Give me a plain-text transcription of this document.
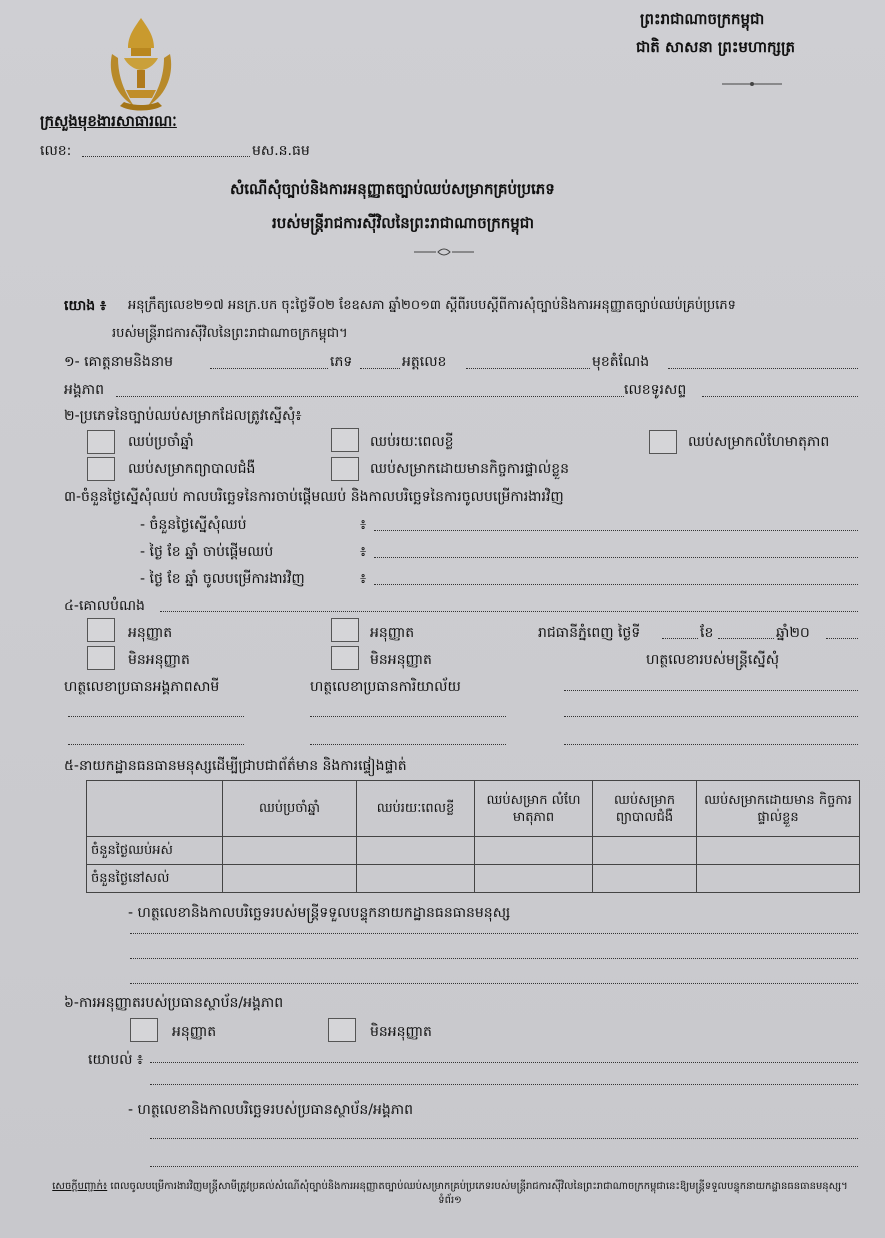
ព្រះរាជាណាចក្រកម្ពុជា
ជាតិ សាសនា ព្រះមហាក្សត្រ
ក្រសួងមុខងារសាធារណៈ
លេខ:	មស.ន.ធម
សំណើសុំច្បាប់និងការអនុញ្ញាតច្បាប់ឈប់សម្រាកគ្រប់ប្រភេទ
របស់មន្ត្រីរាជការស៊ីវិលនៃព្រះរាជាណាចក្រកម្ពុជា
យោង ៖ អនុក្រឹត្យលេខ២១៧ អនក្រ.បក ចុះថ្ងៃទី០២ ខែឧសភា ឆ្នាំ២០១៣ ស្តីពីរបបស្តីពីការសុំច្បាប់និងការអនុញ្ញាតច្បាប់ឈប់គ្រប់ប្រភេទ
របស់មន្ត្រីរាជការស៊ីវិលនៃព្រះរាជាណាចក្រកម្ពុជា។
១- គោត្តនាមនិងនាម	ភេទ	អត្តលេខ	មុខតំណែង
អង្គភាព	លេខទូរសព្ទ
២-ប្រភេទនៃច្បាប់ឈប់សម្រាកដែលត្រូវស្នើសុំ៖
ឈប់ប្រចាំឆ្នាំ	ឈប់រយៈពេលខ្លី	ឈប់សម្រាកលំហែមាតុភាព
ឈប់សម្រាកព្យាបាលជំងឺ	ឈប់សម្រាកដោយមានកិច្ចការផ្ទាល់ខ្លួន
៣-ចំនួនថ្ងៃស្នើសុំឈប់ កាលបរិច្ឆេទនៃការចាប់ផ្តើមឈប់ និងកាលបរិច្ឆេទនៃការចូលបម្រើការងារវិញ
- ចំនួនថ្ងៃស្នើសុំឈប់	៖
- ថ្ងៃ ខែ ឆ្នាំ ចាប់ផ្តើមឈប់	៖
- ថ្ងៃ ខែ ឆ្នាំ ចូលបម្រើការងារវិញ	៖
៤-គោលបំណង
អនុញ្ញាត	អនុញ្ញាត	រាជធានីភ្នំពេញ ថ្ងៃទី	ខែ	ឆ្នាំ២០
មិនអនុញ្ញាត	មិនអនុញ្ញាត	ហត្ថលេខារបស់មន្ត្រីស្នើសុំ
ហត្ថលេខាប្រធានអង្គភាពសាមី	ហត្ថលេខាប្រធានការិយាល័យ
៥-នាយកដ្ឋានធនធានមនុស្សដើម្បីជ្រាបជាព័ត៌មាន និងការផ្ទៀងផ្ទាត់
	ឈប់ប្រចាំឆ្នាំ	ឈប់រយៈពេលខ្លី	ឈប់សម្រាក លំហែមាតុភាព	ឈប់សម្រាក ព្យាបាលជំងឺ	ឈប់សម្រាកដោយមាន កិច្ចការផ្ទាល់ខ្លួន
ចំនួនថ្ងៃឈប់អស់					
ចំនួនថ្ងៃនៅសល់					
- ហត្ថលេខានិងកាលបរិច្ឆេទរបស់មន្ត្រីទទួលបន្ទុកនាយកដ្ឋានធនធានមនុស្ស
៦-ការអនុញ្ញាតរបស់ប្រធានស្ថាប័ន/អង្គភាព
អនុញ្ញាត	មិនអនុញ្ញាត
យោបល់ ៖
- ហត្ថលេខានិងកាលបរិច្ឆេទរបស់ប្រធានស្ថាប័ន/អង្គភាព
សេចក្តីបញ្ជាក់៖ ពេលចូលបម្រើការងារវិញមន្ត្រីសាមីត្រូវប្រគល់សំណើសុំច្បាប់និងការអនុញ្ញាតច្បាប់ឈប់សម្រាកគ្រប់ប្រភេទរបស់មន្ត្រីរាជការស៊ីវិលនៃព្រះរាជាណាចក្រកម្ពុជានេះឱ្យមន្ត្រីទទួលបន្ទុកនាយកដ្ឋានធនធានមនុស្ស។
ទំព័រ១
